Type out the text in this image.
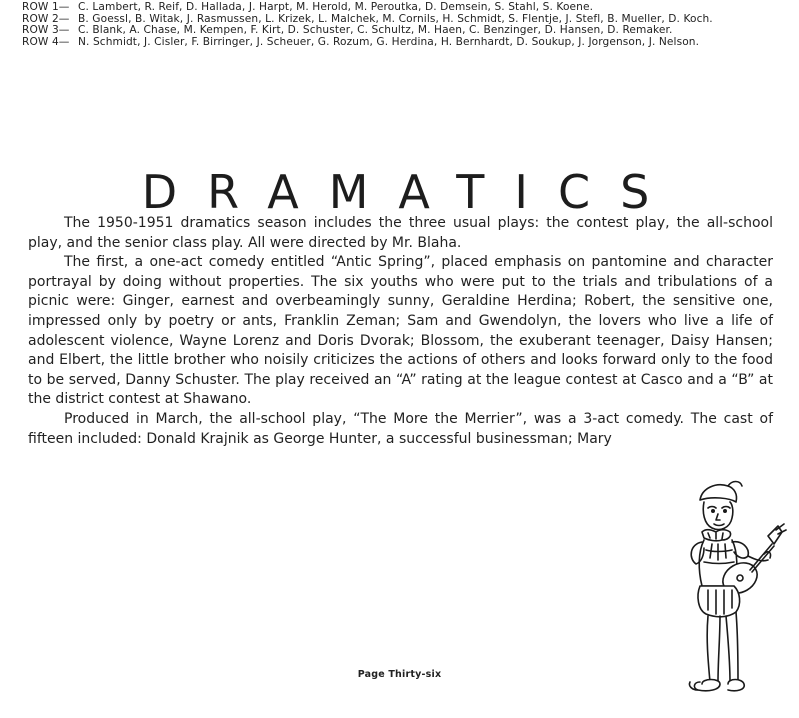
ROW 1— C. Lambert, R. Reif, D. Hallada, J. Harpt, M. Herold, M. Peroutka, D. Demsein, S. Stahl, S. Koene.
ROW 2— B. Goessl, B. Witak, J. Rasmussen, L. Krizek, L. Malchek, M. Cornils, H. Schmidt, S. Flentje, J. Stefl, B. Mueller, D. Koch.
ROW 3— C. Blank, A. Chase, M. Kempen, F. Kirt, D. Schuster, C. Schultz, M. Haen, C. Benzinger, D. Hansen, D. Remaker.
ROW 4— N. Schmidt, J. Cisler, F. Birringer, J. Scheuer, G. Rozum, G. Herdina, H. Bernhardt, D. Soukup, J. Jorgenson, J. Nelson.
DRAMATICS

The 1950-1951 dramatics season includes the three usual plays: the contest play, the all-school play, and the senior class play. All were directed by Mr. Blaha.

The first, a one-act comedy entitled “Antic Spring”, placed emphasis on pantomine and character portrayal by doing without properties. The six youths who were put to the trials and tribulations of a picnic were: Ginger, earnest and overbeamingly sunny, Geraldine Herdina; Robert, the sensitive one, impressed only by poetry or ants, Franklin Zeman; Sam and Gwendolyn, the lovers who live a life of adolescent violence, Wayne Lorenz and Doris Dvorak; Blossom, the exuberant teenager, Daisy Hansen; and Elbert, the little brother who noisily criticizes the actions of others and looks forward only to the food to be served, Danny Schuster. The play received an “A” rating at the league contest at Casco and a “B” at the district contest at Shawano.

Produced in March, the all-school play, “The More the Merrier”, was a 3-act comedy. The cast of fifteen included: Donald Krajnik as George Hunter, a successful businessman; Mary

Page Thirty-six
